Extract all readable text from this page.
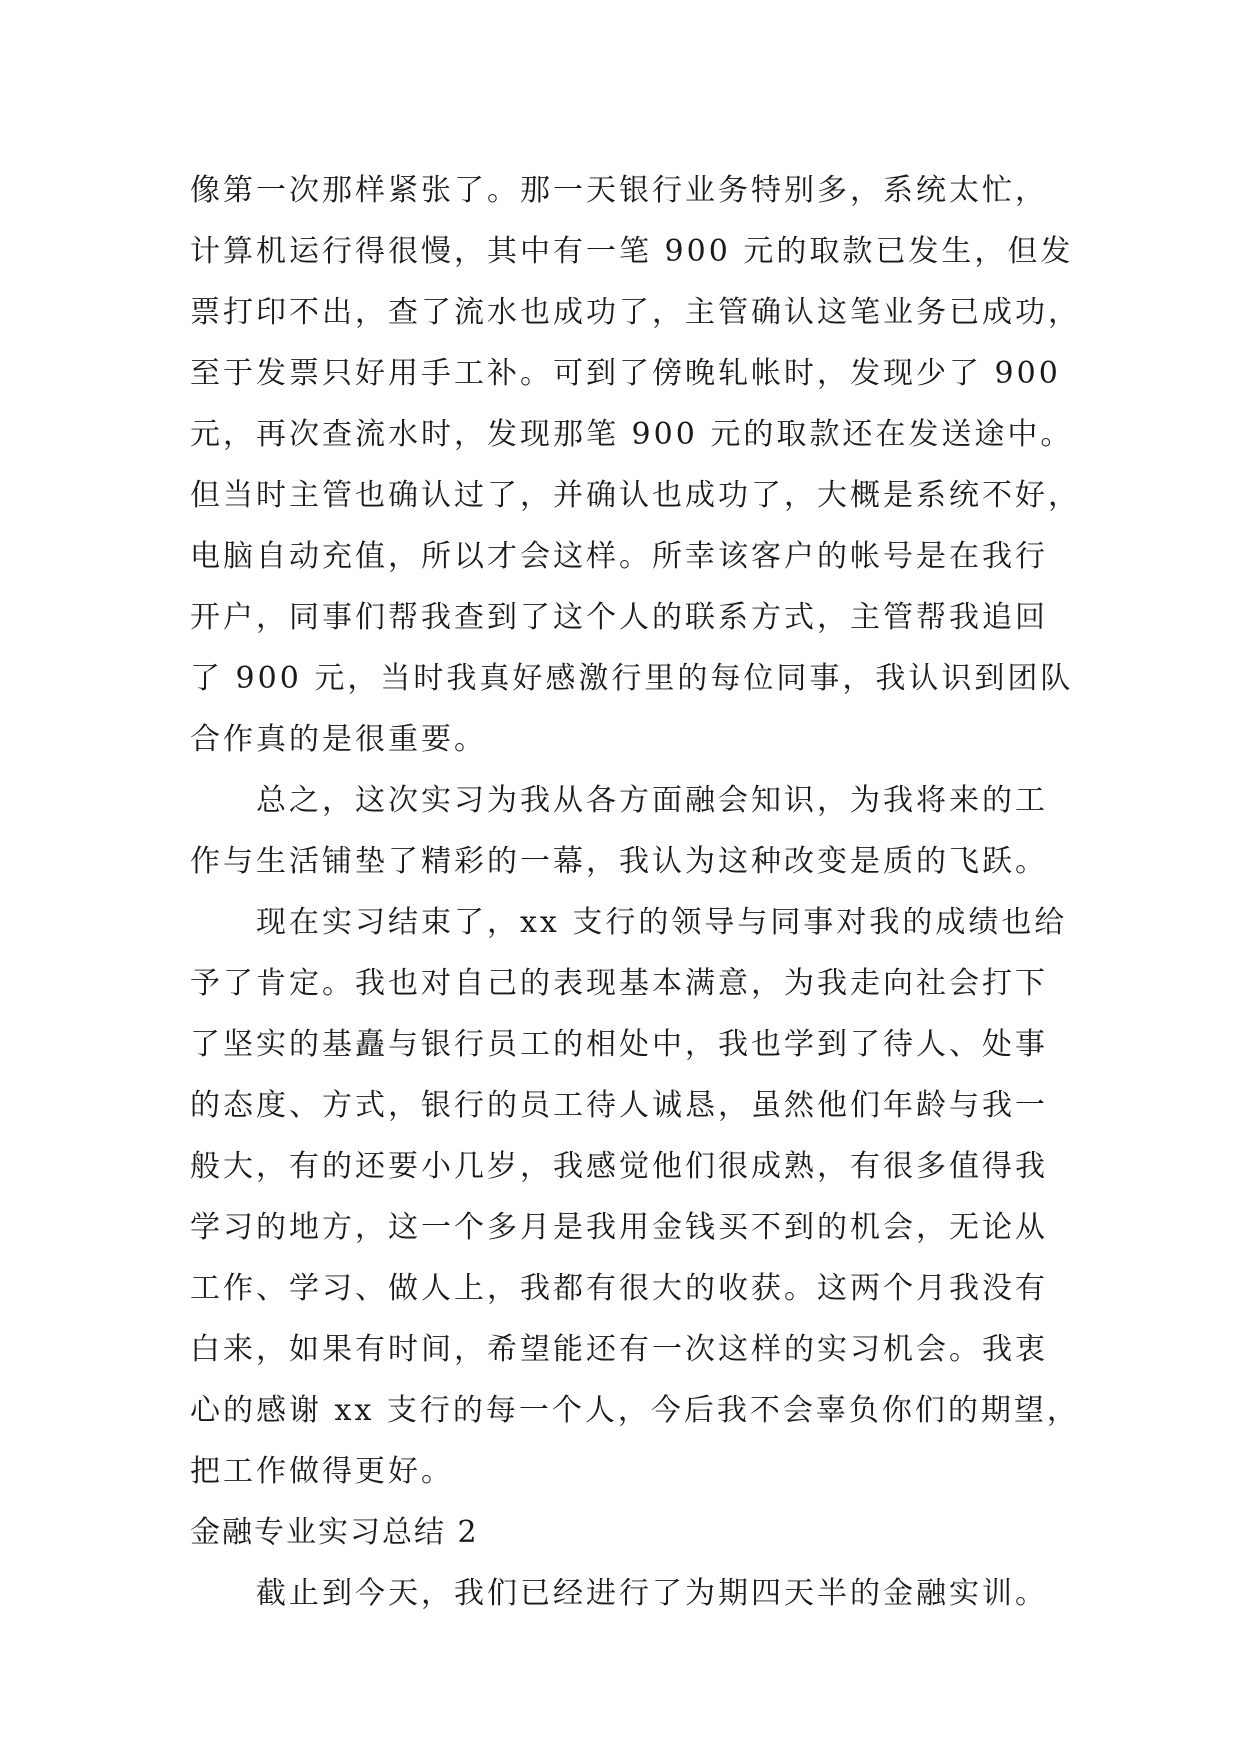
像第一次那样紧张了。那一天银行业务特别多，系统太忙，
计算机运行得很慢，其中有一笔 900 元的取款已发生，但发
票打印不出，查了流水也成功了，主管确认这笔业务已成功，
至于发票只好用手工补。可到了傍晚轧帐时，发现少了 900
元，再次查流水时，发现那笔 900 元的取款还在发送途中。
但当时主管也确认过了，并确认也成功了，大概是系统不好，
电脑自动充值，所以才会这样。所幸该客户的帐号是在我行
开户，同事们帮我查到了这个人的联系方式，主管帮我追回
了 900 元，当时我真好感激行里的每位同事，我认识到团队
合作真的是很重要。
总之，这次实习为我从各方面融会知识，为我将来的工
作与生活铺垫了精彩的一幕，我认为这种改变是质的飞跃。
现在实习结束了，xx 支行的领导与同事对我的成绩也给
予了肯定。我也对自己的表现基本满意，为我走向社会打下
了坚实的基矗与银行员工的相处中，我也学到了待人、处事
的态度、方式，银行的员工待人诚恳，虽然他们年龄与我一
般大，有的还要小几岁，我感觉他们很成熟，有很多值得我
学习的地方，这一个多月是我用金钱买不到的机会，无论从
工作、学习、做人上，我都有很大的收获。这两个月我没有
白来，如果有时间，希望能还有一次这样的实习机会。我衷
心的感谢 xx 支行的每一个人，今后我不会辜负你们的期望，
把工作做得更好。
金融专业实习总结 2
截止到今天，我们已经进行了为期四天半的金融实训。
